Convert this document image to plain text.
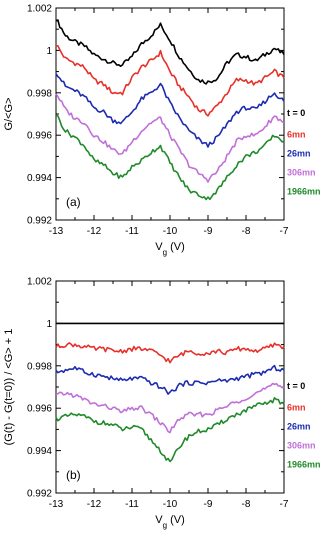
-13 -12 -11 -10	-9	-8	-7
0.992
0.994
0.996
0.998
1
1.002
t = 0
6mn
26mn
306mn
1966mn
(a)
$V_g$ (V)
G/<G>
-13 -12 -11 -10	-9	-8	-7
0.992
0.994
0.996
0.998
1
1.002
t = 0
6mn
26mn
306mn
1966mn
(b)
$V_g$ (V)
(G(t) - G(t=0)) / <G> + 1
